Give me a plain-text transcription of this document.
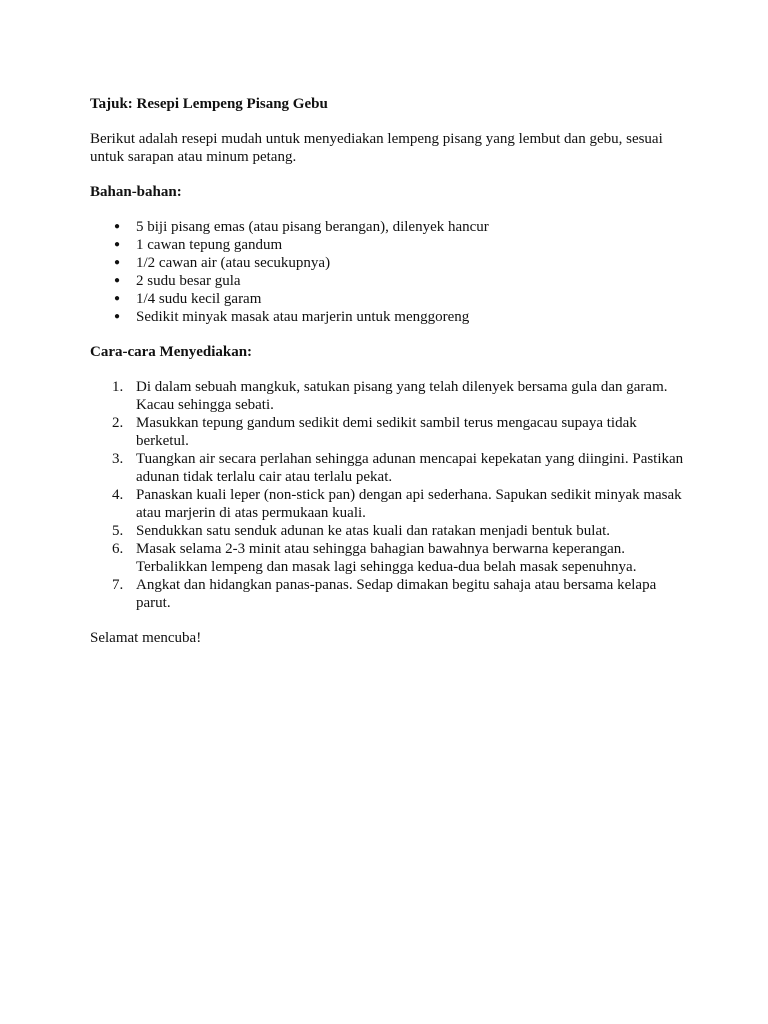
Tajuk: Resepi Lempeng Pisang Gebu

Berikut adalah resepi mudah untuk menyediakan lempeng pisang yang lembut dan gebu, sesuai untuk sarapan atau minum petang.

Bahan-bahan:

● 5 biji pisang emas (atau pisang berangan), dilenyek hancur
● 1 cawan tepung gandum
● 1/2 cawan air (atau secukupnya)
● 2 sudu besar gula
● 1/4 sudu kecil garam
● Sedikit minyak masak atau marjerin untuk menggoreng

Cara-cara Menyediakan:

1. Di dalam sebuah mangkuk, satukan pisang yang telah dilenyek bersama gula dan garam. Kacau sehingga sebati.
2. Masukkan tepung gandum sedikit demi sedikit sambil terus mengacau supaya tidak berketul.
3. Tuangkan air secara perlahan sehingga adunan mencapai kepekatan yang diingini. Pastikan adunan tidak terlalu cair atau terlalu pekat.
4. Panaskan kuali leper (non-stick pan) dengan api sederhana. Sapukan sedikit minyak masak atau marjerin di atas permukaan kuali.
5. Sendukkan satu senduk adunan ke atas kuali dan ratakan menjadi bentuk bulat.
6. Masak selama 2-3 minit atau sehingga bahagian bawahnya berwarna keperangan. Terbalikkan lempeng dan masak lagi sehingga kedua-dua belah masak sepenuhnya.
7. Angkat dan hidangkan panas-panas. Sedap dimakan begitu sahaja atau bersama kelapa parut.

Selamat mencuba!
